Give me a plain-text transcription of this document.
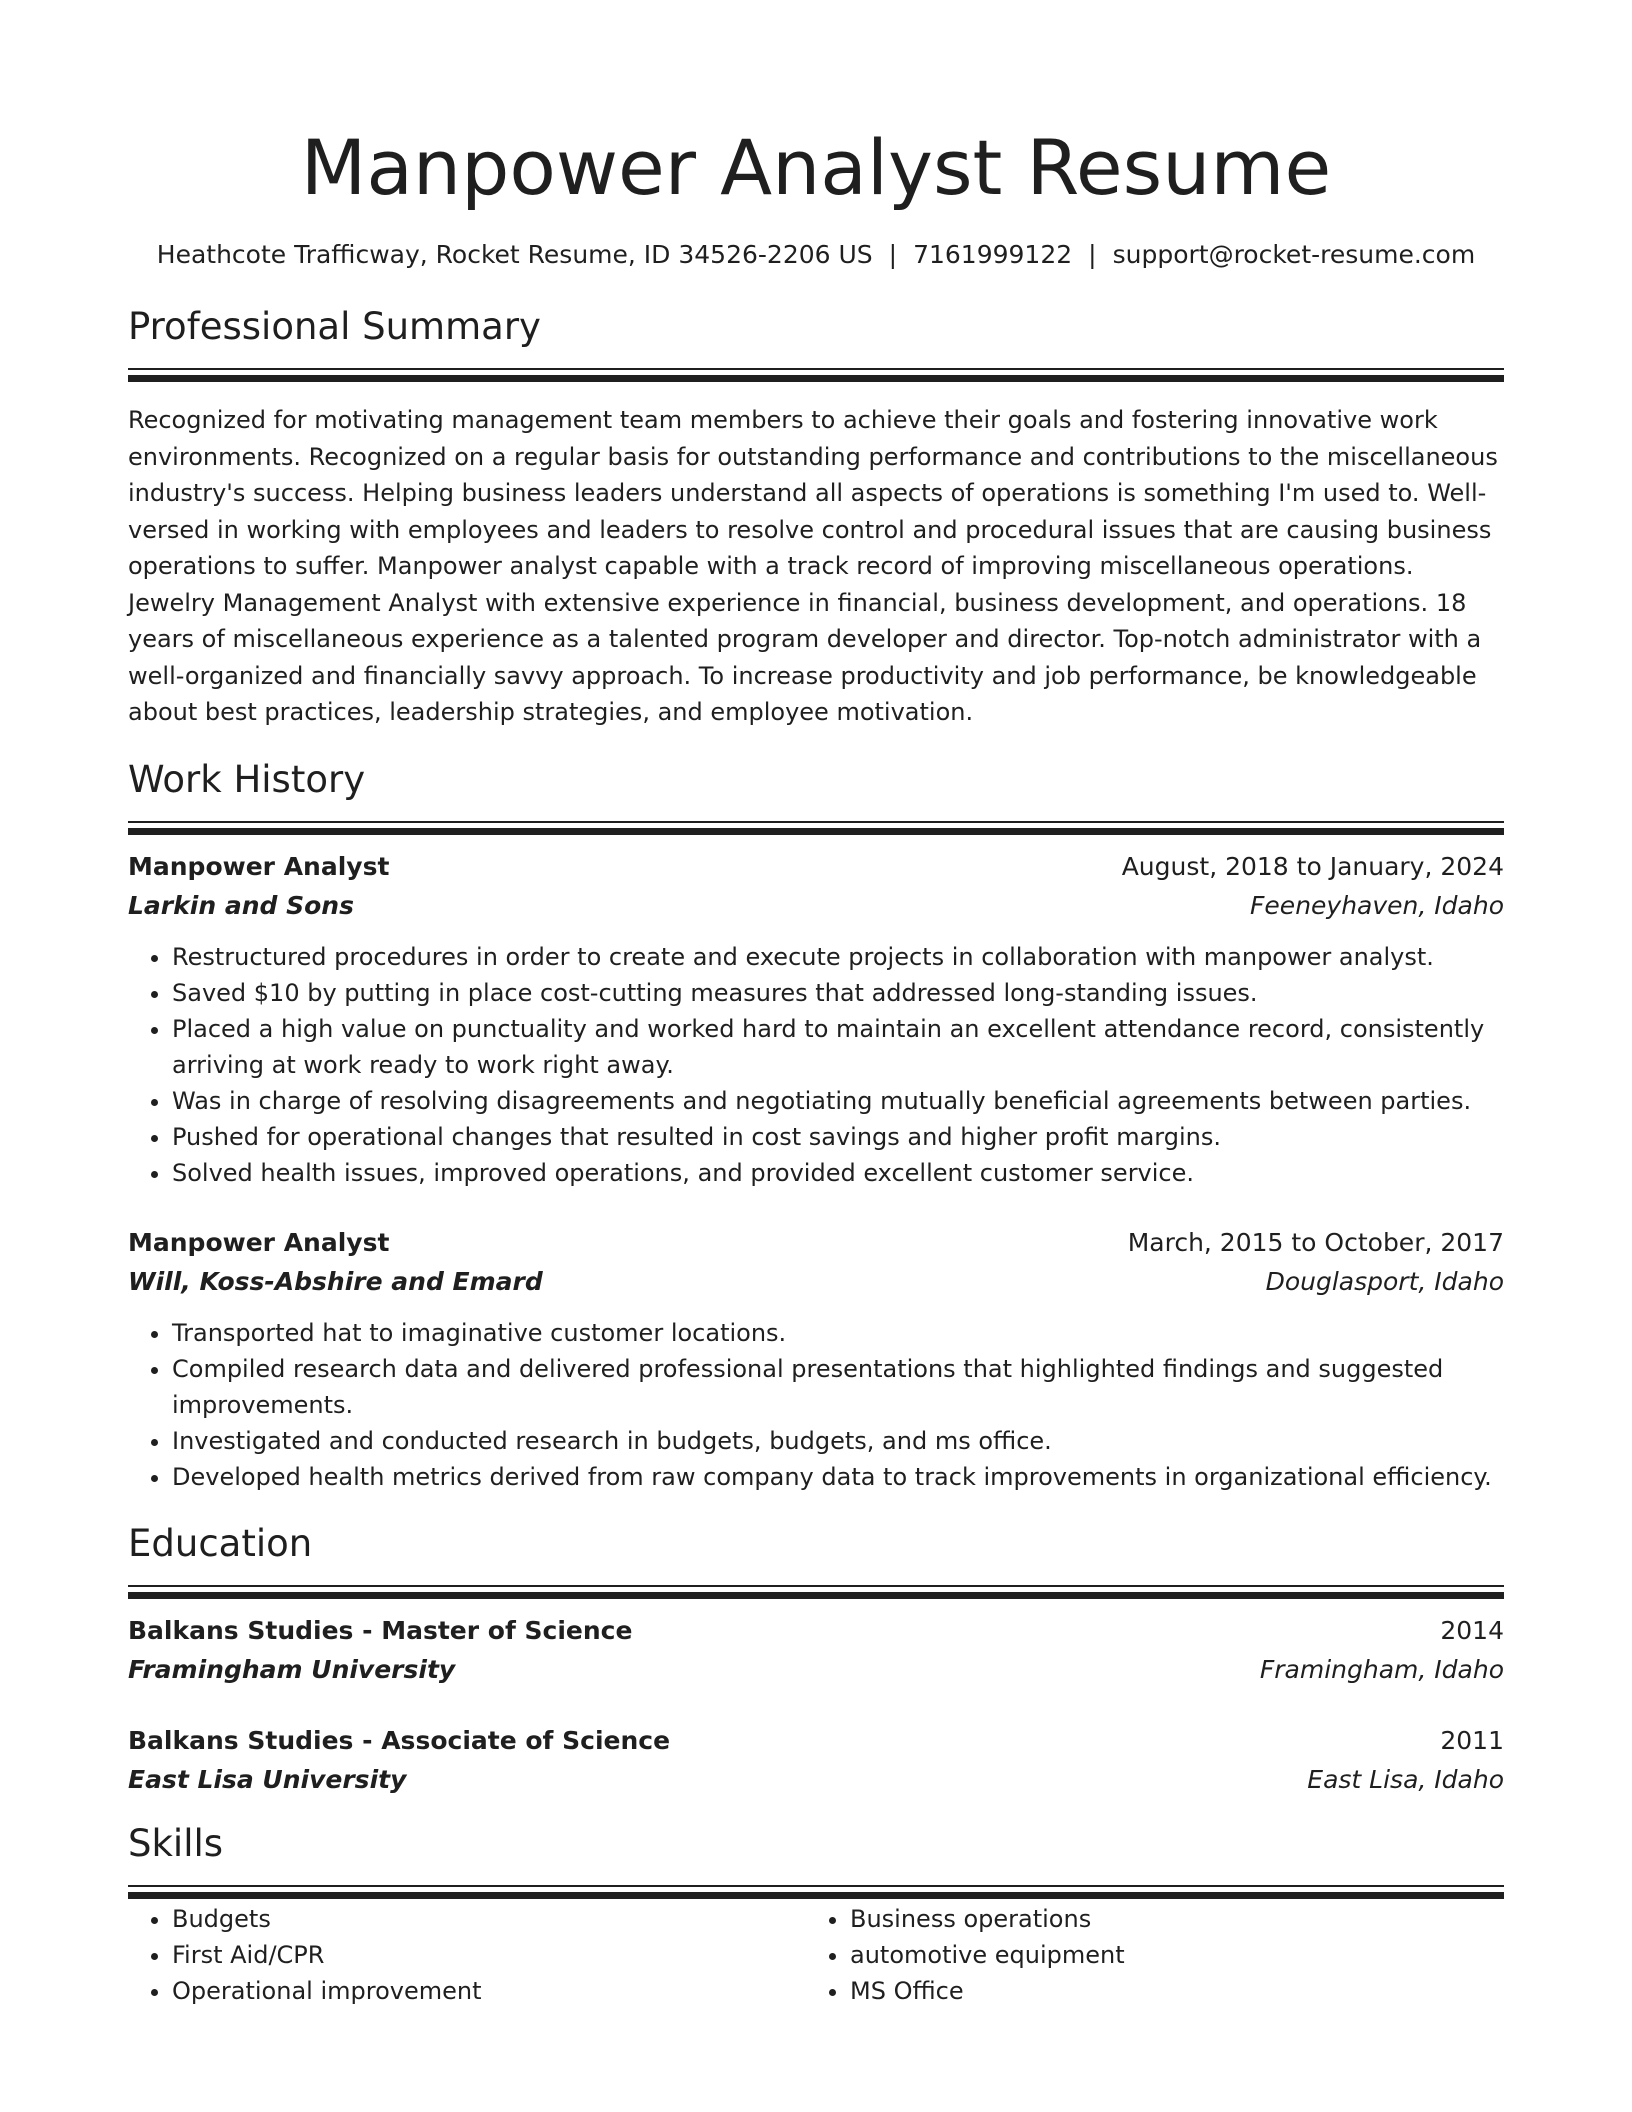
Manpower Analyst Resume
Heathcote Trafficway, Rocket Resume, ID 34526-2206 US | 7161999122 | support@rocket-resume.com
Professional Summary

Recognized for motivating management team members to achieve their goals and fostering innovative work environments. Recognized on a regular basis for outstanding performance and contributions to the miscellaneous industry's success. Helping business leaders understand all aspects of operations is something I'm used to. Well-versed in working with employees and leaders to resolve control and procedural issues that are causing business operations to suffer. Manpower analyst capable with a track record of improving miscellaneous operations. Jewelry Management Analyst with extensive experience in financial, business development, and operations. 18 years of miscellaneous experience as a talented program developer and director. Top-notch administrator with a well-organized and financially savvy approach. To increase productivity and job performance, be knowledgeable about best practices, leadership strategies, and employee motivation.

Work History
Manpower Analyst	August, 2018 to January, 2024
Larkin and Sons	Feeneyhaven, Idaho
• Restructured procedures in order to create and execute projects in collaboration with manpower analyst.
• Saved $10 by putting in place cost-cutting measures that addressed long-standing issues.
• Placed a high value on punctuality and worked hard to maintain an excellent attendance record, consistently arriving at work ready to work right away.
• Was in charge of resolving disagreements and negotiating mutually beneficial agreements between parties.
• Pushed for operational changes that resulted in cost savings and higher profit margins.
• Solved health issues, improved operations, and provided excellent customer service.
Manpower Analyst	March, 2015 to October, 2017
Will, Koss-Abshire and Emard	Douglasport, Idaho
• Transported hat to imaginative customer locations.
• Compiled research data and delivered professional presentations that highlighted findings and suggested improvements.
• Investigated and conducted research in budgets, budgets, and ms office.
• Developed health metrics derived from raw company data to track improvements in organizational efficiency.
Education
Balkans Studies - Master of Science	2014
Framingham University	Framingham, Idaho
Balkans Studies - Associate of Science	2011
East Lisa University	East Lisa, Idaho
Skills
• Budgets
• First Aid/CPR
• Operational improvement
• Business operations
• automotive equipment
• MS Office
